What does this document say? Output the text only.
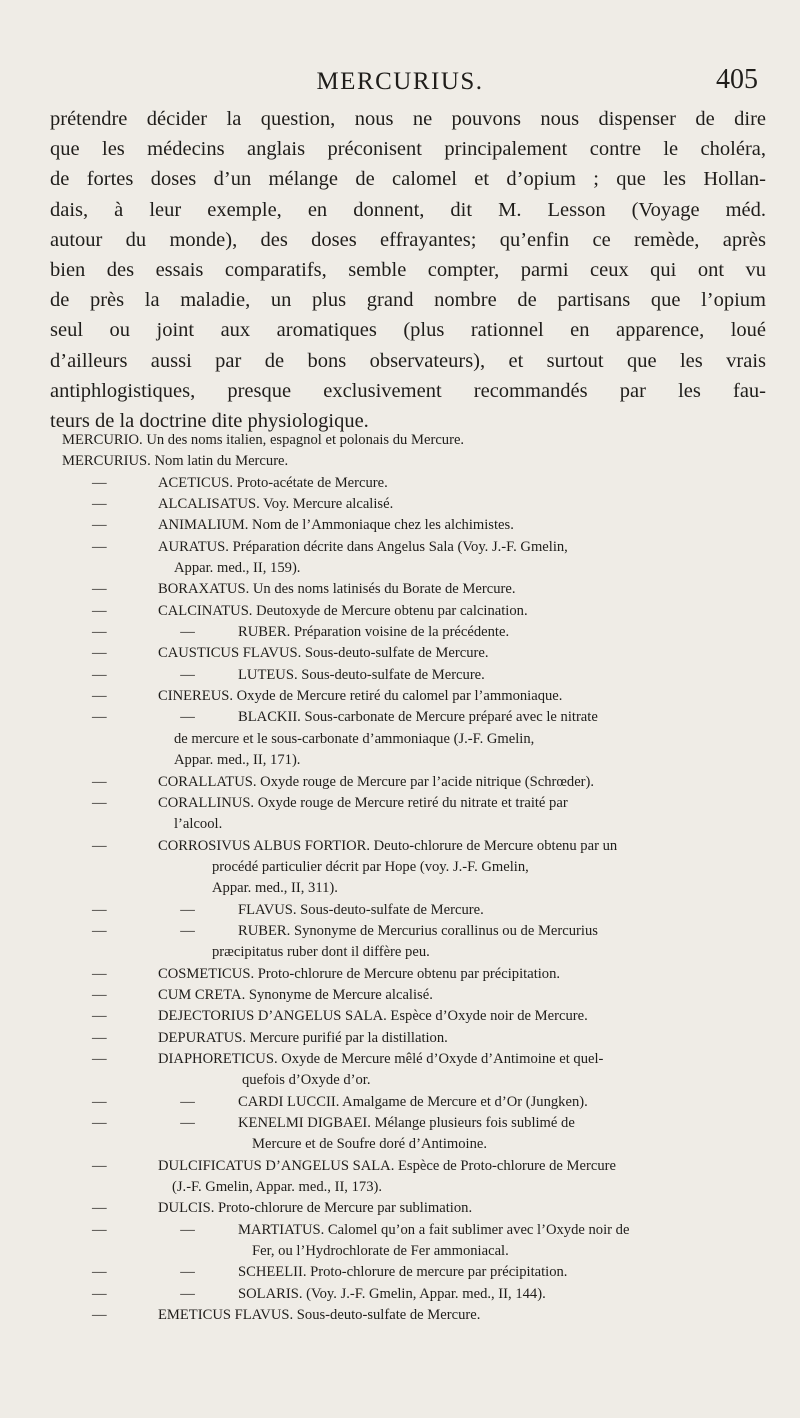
MERCURIUS.	405
prétendre décider la question, nous ne pouvons nous dispenser de dire
que les médecins anglais préconisent principalement contre le choléra,
de fortes doses d’un mélange de calomel et d’opium ; que les Hollan-
dais, à leur exemple, en donnent, dit M. Lesson (Voyage méd.
autour du monde), des doses effrayantes; qu’enfin ce remède, après
bien des essais comparatifs, semble compter, parmi ceux qui ont vu
de près la maladie, un plus grand nombre de partisans que l’opium
seul ou joint aux aromatiques (plus rationnel en apparence, loué
d’ailleurs aussi par de bons observateurs), et surtout que les vrais
antiphlogistiques, presque exclusivement recommandés par les fau-
teurs de la doctrine dite physiologique.
MERCURIO. Un des noms italien, espagnol et polonais du Mercure.
MERCURIUS. Nom latin du Mercure.
—	ACETICUS. Proto-acétate de Mercure.
—	ALCALISATUS. Voy. Mercure alcalisé.
—	ANIMALIUM. Nom de l’Ammoniaque chez les alchimistes.
—	AURATUS. Préparation décrite dans Angelus Sala (Voy. J.-F. Gmelin,
Appar. med., II, 159).
—	BORAXATUS. Un des noms latinisés du Borate de Mercure.
—	CALCINATUS. Deutoxyde de Mercure obtenu par calcination.
— —	RUBER. Préparation voisine de la précédente.
—	CAUSTICUS FLAVUS. Sous-deuto-sulfate de Mercure.
— —	LUTEUS. Sous-deuto-sulfate de Mercure.
—	CINEREUS. Oxyde de Mercure retiré du calomel par l’ammoniaque.
— —	BLACKII. Sous-carbonate de Mercure préparé avec le nitrate
de mercure et le sous-carbonate d’ammoniaque (J.-F. Gmelin,
Appar. med., II, 171).
—	CORALLATUS. Oxyde rouge de Mercure par l’acide nitrique (Schrœder).
—	CORALLINUS. Oxyde rouge de Mercure retiré du nitrate et traité par
l’alcool.
—	CORROSIVUS ALBUS FORTIOR. Deuto-chlorure de Mercure obtenu par un
procédé particulier décrit par Hope (voy. J.-F. Gmelin,
Appar. med., II, 311).
— —	FLAVUS. Sous-deuto-sulfate de Mercure.
— —	RUBER. Synonyme de Mercurius corallinus ou de Mercurius
præcipitatus ruber dont il diffère peu.
—	COSMETICUS. Proto-chlorure de Mercure obtenu par précipitation.
—	CUM CRETA. Synonyme de Mercure alcalisé.
—	DEJECTORIUS D’ANGELUS SALA. Espèce d’Oxyde noir de Mercure.
—	DEPURATUS. Mercure purifié par la distillation.
—	DIAPHORETICUS. Oxyde de Mercure mêlé d’Oxyde d’Antimoine et quel-
quefois d’Oxyde d’or.
— —	CARDI LUCCII. Amalgame de Mercure et d’Or (Jungken).
— —	KENELMI DIGBAEI. Mélange plusieurs fois sublimé de
Mercure et de Soufre doré d’Antimoine.
—	DULCIFICATUS D’ANGELUS SALA. Espèce de Proto-chlorure de Mercure
(J.-F. Gmelin, Appar. med., II, 173).
—	DULCIS. Proto-chlorure de Mercure par sublimation.
— —	MARTIATUS. Calomel qu’on a fait sublimer avec l’Oxyde noir de
Fer, ou l’Hydrochlorate de Fer ammoniacal.
— —	SCHEELII. Proto-chlorure de mercure par précipitation.
— —	SOLARIS. (Voy. J.-F. Gmelin, Appar. med., II, 144).
—	EMETICUS FLAVUS. Sous-deuto-sulfate de Mercure.
